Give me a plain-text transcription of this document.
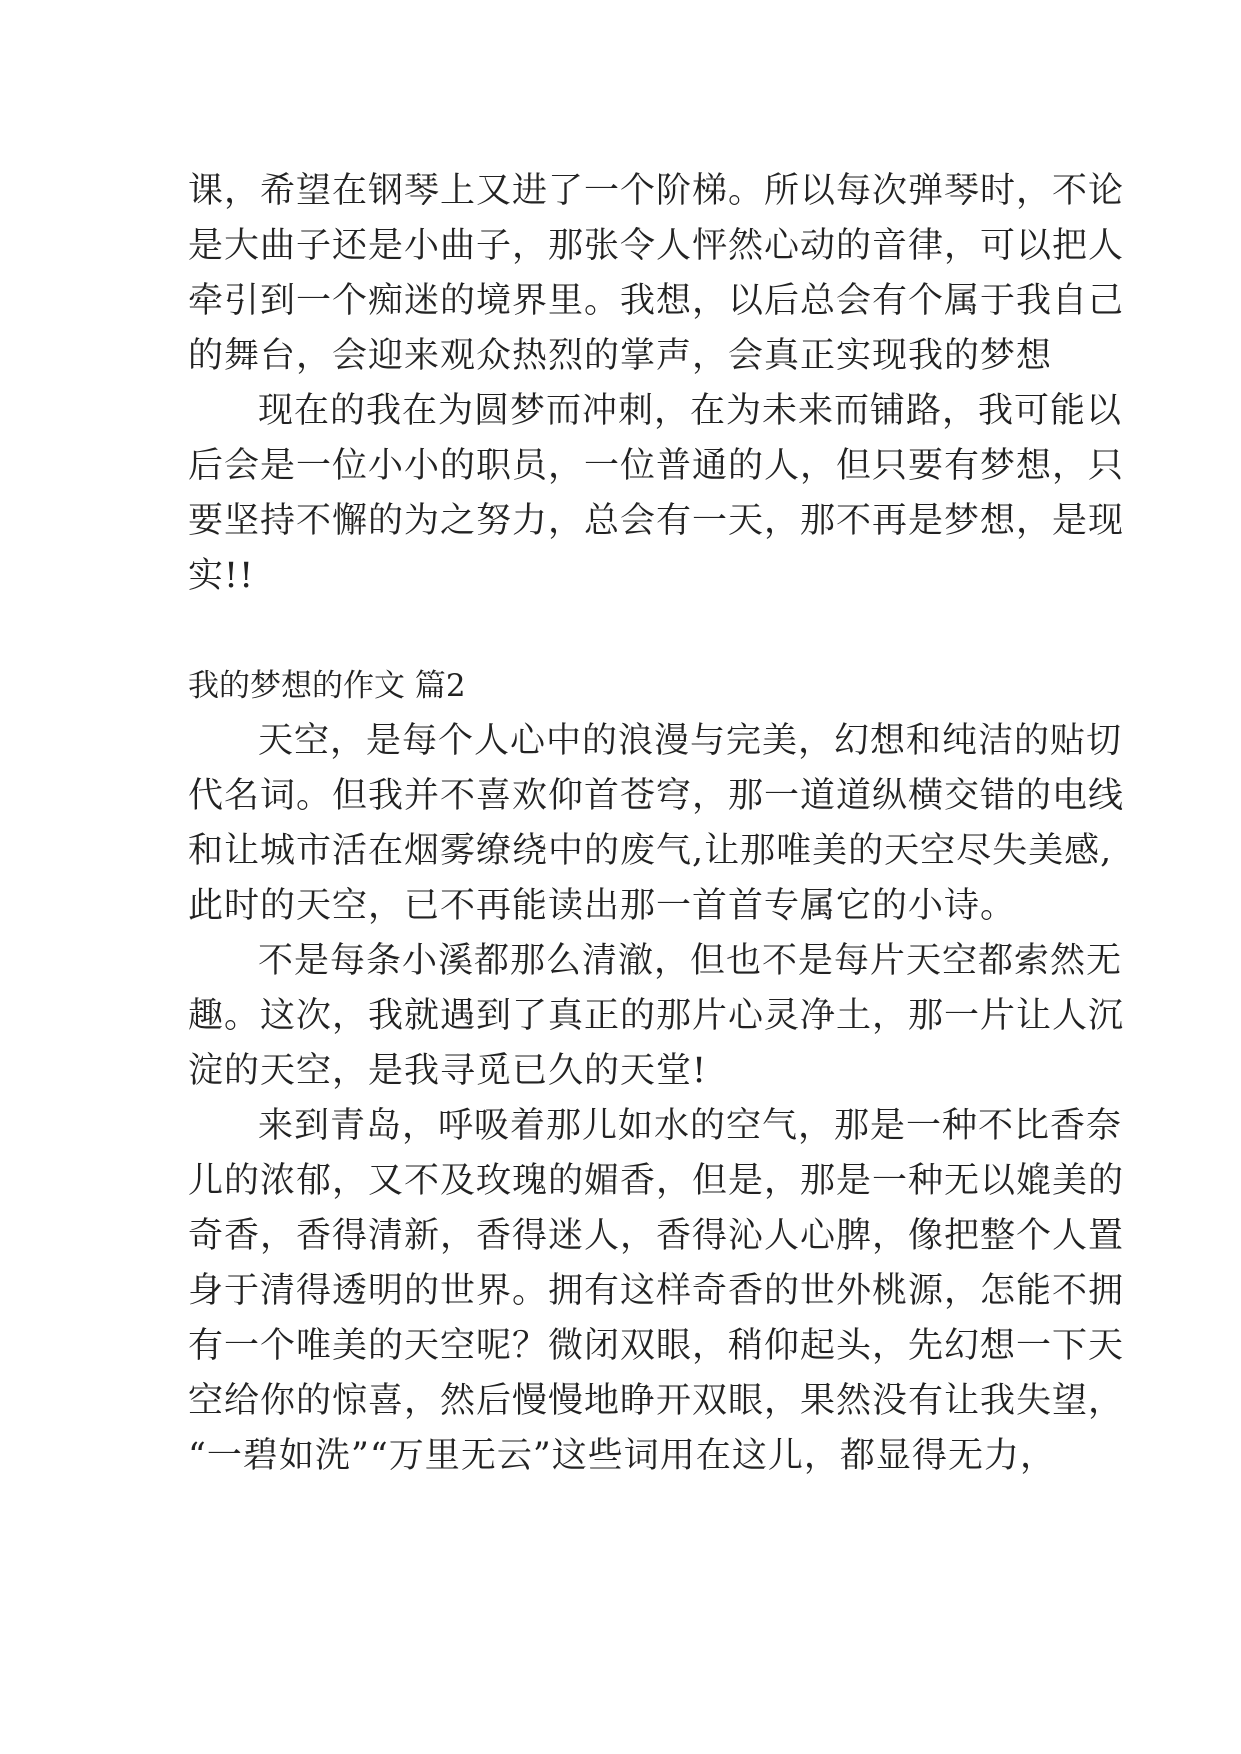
课，希望在钢琴上又进了一个阶梯。所以每次弹琴时，不论
是大曲子还是小曲子，那张令人怦然心动的音律，可以把人
牵引到一个痴迷的境界里。我想，以后总会有个属于我自己
的舞台，会迎来观众热烈的掌声，会真正实现我的梦想
现在的我在为圆梦而冲刺，在为未来而铺路，我可能以
后会是一位小小的职员，一位普通的人，但只要有梦想，只
要坚持不懈的为之努力，总会有一天，那不再是梦想，是现
实!!
我的梦想的作文 篇2
天空，是每个人心中的浪漫与完美，幻想和纯洁的贴切
代名词。但我并不喜欢仰首苍穹，那一道道纵横交错的电线
和让城市活在烟雾缭绕中的废气,让那唯美的天空尽失美感,
此时的天空，已不再能读出那一首首专属它的小诗。
不是每条小溪都那么清澈，但也不是每片天空都索然无
趣。这次，我就遇到了真正的那片心灵净土，那一片让人沉
淀的天空，是我寻觅已久的天堂!
来到青岛，呼吸着那儿如水的空气，那是一种不比香奈
儿的浓郁，又不及玫瑰的媚香，但是，那是一种无以媲美的
奇香，香得清新，香得迷人，香得沁人心脾，像把整个人置
身于清得透明的世界。拥有这样奇香的世外桃源，怎能不拥
有一个唯美的天空呢？微闭双眼，稍仰起头，先幻想一下天
空给你的惊喜，然后慢慢地睁开双眼，果然没有让我失望，
“一碧如洗”“万里无云”这些词用在这儿，都显得无力，
